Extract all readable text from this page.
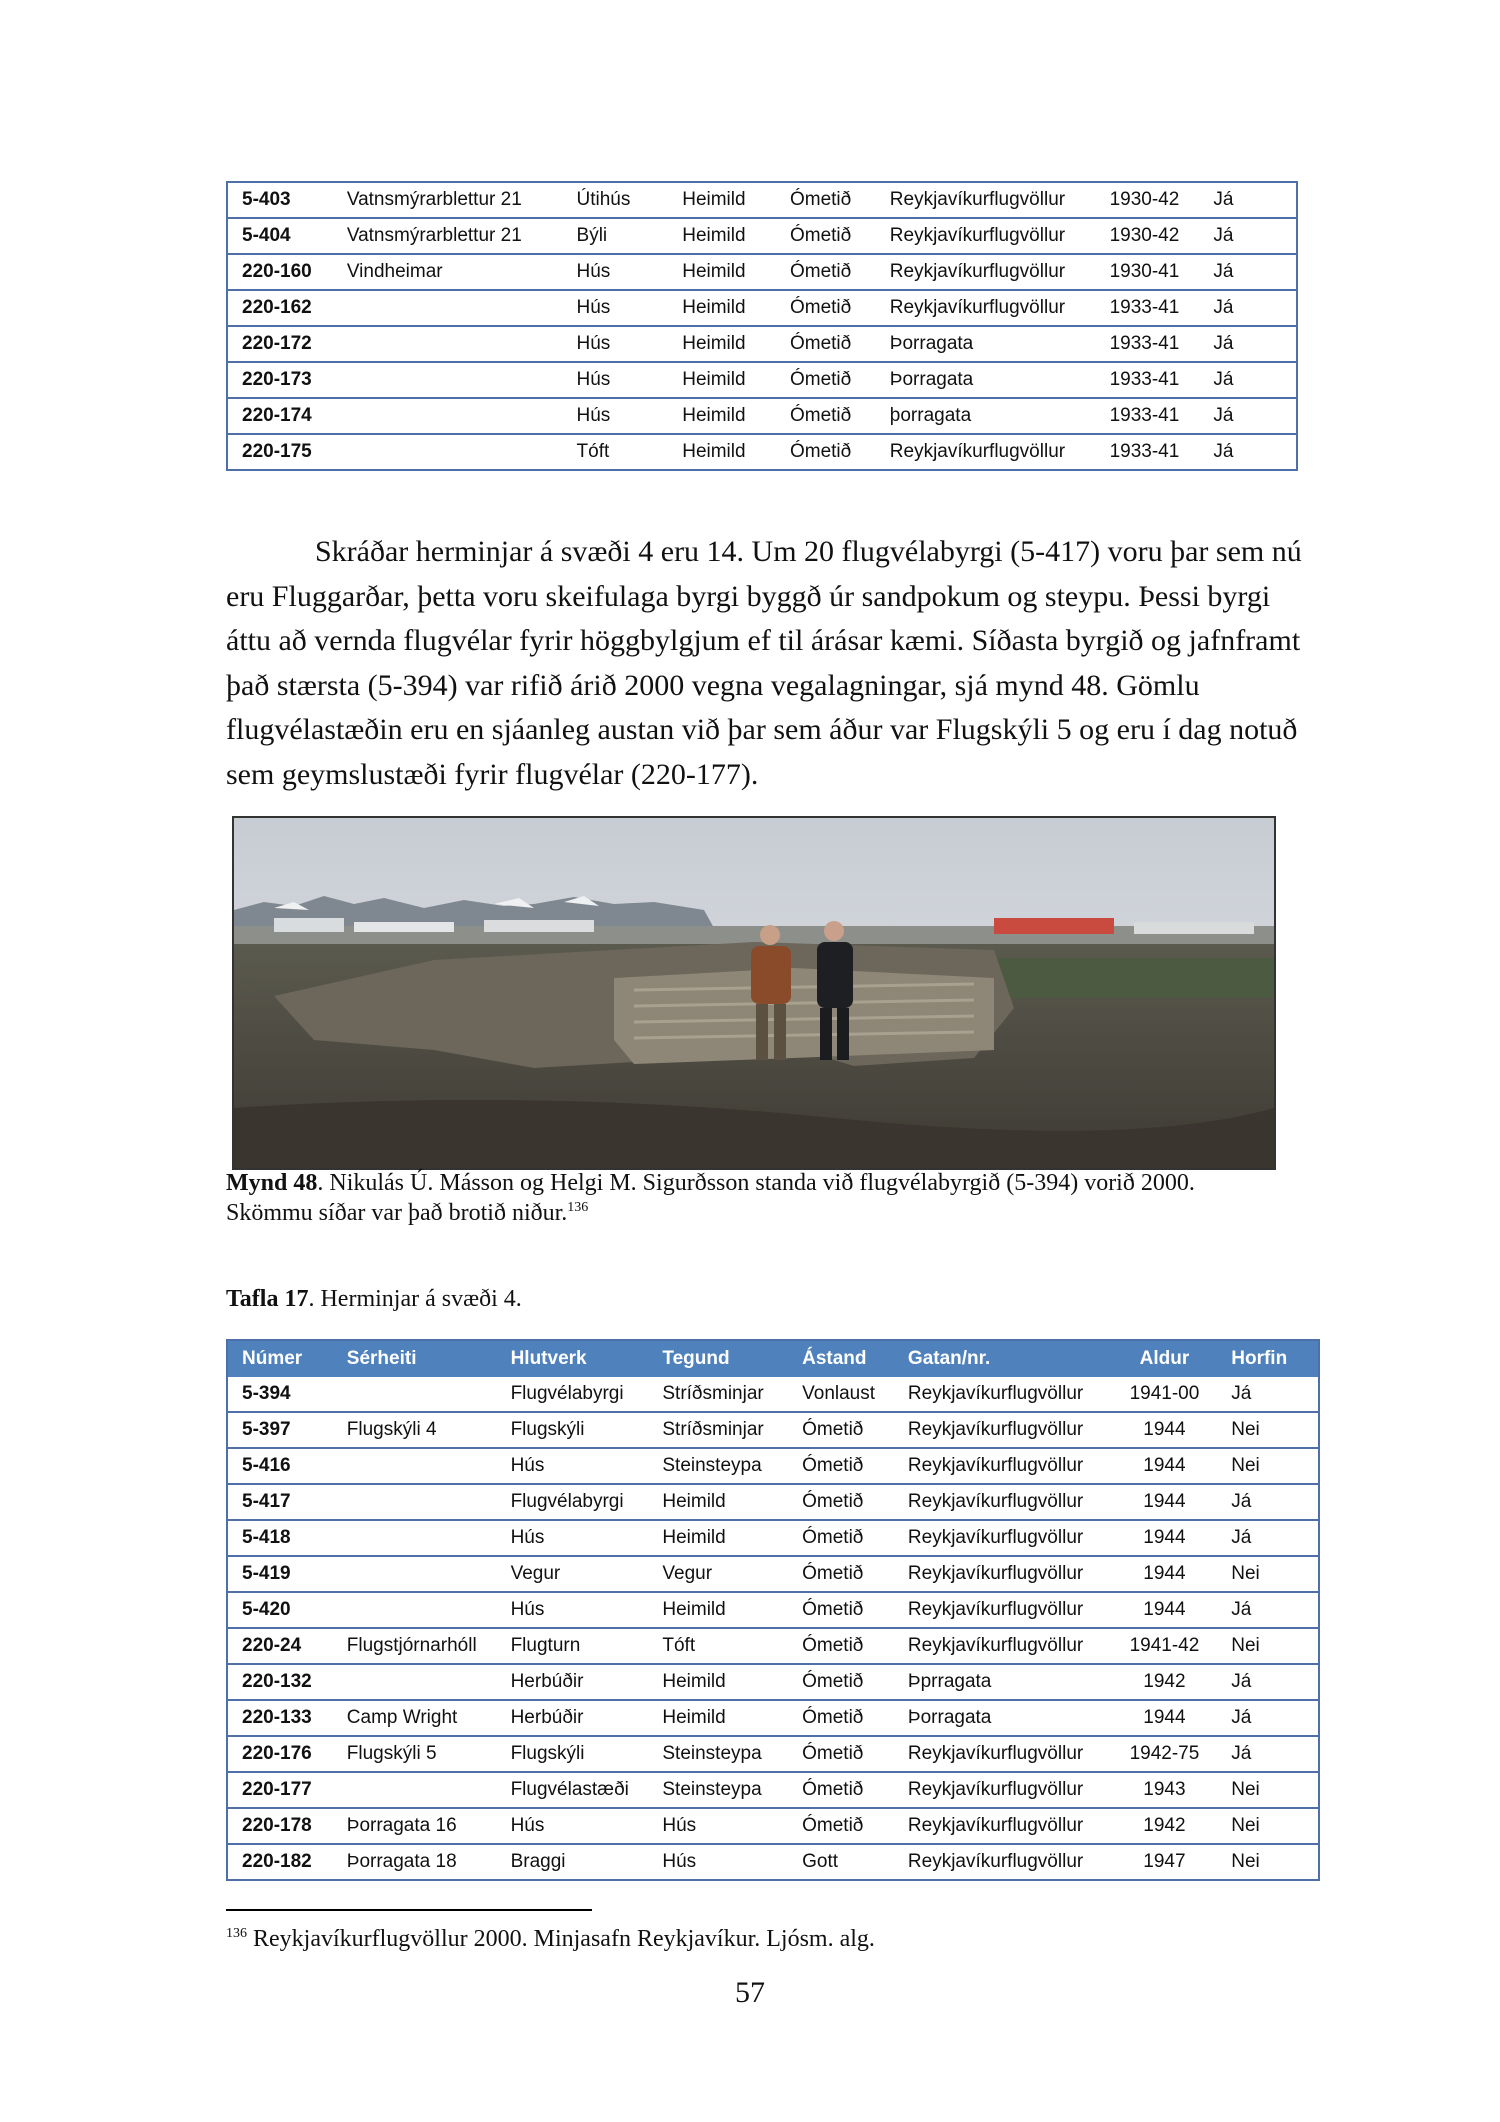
5-403	Vatnsmýrarblettur 21	Útihús	Heimild	Ómetið	Reykjavíkurflugvöllur	1930-42	Já
5-404	Vatnsmýrarblettur 21	Býli	Heimild	Ómetið	Reykjavíkurflugvöllur	1930-42	Já
220-160	Vindheimar	Hús	Heimild	Ómetið	Reykjavíkurflugvöllur	1930-41	Já
220-162		Hús	Heimild	Ómetið	Reykjavíkurflugvöllur	1933-41	Já
220-172		Hús	Heimild	Ómetið	Þorragata	1933-41	Já
220-173		Hús	Heimild	Ómetið	Þorragata	1933-41	Já
220-174		Hús	Heimild	Ómetið	þorragata	1933-41	Já
220-175		Tóft	Heimild	Ómetið	Reykjavíkurflugvöllur	1933-41	Já

Skráðar herminjar á svæði 4 eru 14. Um 20 flugvélabyrgi (5-417) voru þar sem nú eru Fluggarðar, þetta voru skeifulaga byrgi byggð úr sandpokum og steypu. Þessi byrgi áttu að vernda flugvélar fyrir höggbylgjum ef til árásar kæmi. Síðasta byrgið og jafnframt það stærsta (5-394) var rifið árið 2000 vegna vegalagningar, sjá mynd 48. Gömlu flugvélastæðin eru en sjáanleg austan við þar sem áður var Flugskýli 5 og eru í dag notuð sem geymslustæði fyrir flugvélar (220-177).

Mynd 48. Nikulás Ú. Másson og Helgi M. Sigurðsson standa við flugvélabyrgið (5-394) vorið 2000. Skömmu síðar var það brotið niður.$^{136}$
Tafla 17. Herminjar á svæði 4.
Númer	Sérheiti	Hlutverk	Tegund	Ástand	Gatan/nr.	Aldur	Horfin
5-394		Flugvélabyrgi	Stríðsminjar	Vonlaust	Reykjavíkurflugvöllur	1941-00	Já
5-397	Flugskýli 4	Flugskýli	Stríðsminjar	Ómetið	Reykjavíkurflugvöllur	1944	Nei
5-416		Hús	Steinsteypa	Ómetið	Reykjavíkurflugvöllur	1944	Nei
5-417		Flugvélabyrgi	Heimild	Ómetið	Reykjavíkurflugvöllur	1944	Já
5-418		Hús	Heimild	Ómetið	Reykjavíkurflugvöllur	1944	Já
5-419		Vegur	Vegur	Ómetið	Reykjavíkurflugvöllur	1944	Nei
5-420		Hús	Heimild	Ómetið	Reykjavíkurflugvöllur	1944	Já
220-24	Flugstjórnarhóll	Flugturn	Tóft	Ómetið	Reykjavíkurflugvöllur	1941-42	Nei
220-132		Herbúðir	Heimild	Ómetið	Þprragata	1942	Já
220-133	Camp Wright	Herbúðir	Heimild	Ómetið	Þorragata	1944	Já
220-176	Flugskýli 5	Flugskýli	Steinsteypa	Ómetið	Reykjavíkurflugvöllur	1942-75	Já
220-177		Flugvélastæði	Steinsteypa	Ómetið	Reykjavíkurflugvöllur	1943	Nei
220-178	Þorragata 16	Hús	Hús	Ómetið	Reykjavíkurflugvöllur	1942	Nei
220-182	Þorragata 18	Braggi	Hús	Gott	Reykjavíkurflugvöllur	1947	Nei
$^{136}$ Reykjavíkurflugvöllur 2000. Minjasafn Reykjavíkur. Ljósm. alg.
57
